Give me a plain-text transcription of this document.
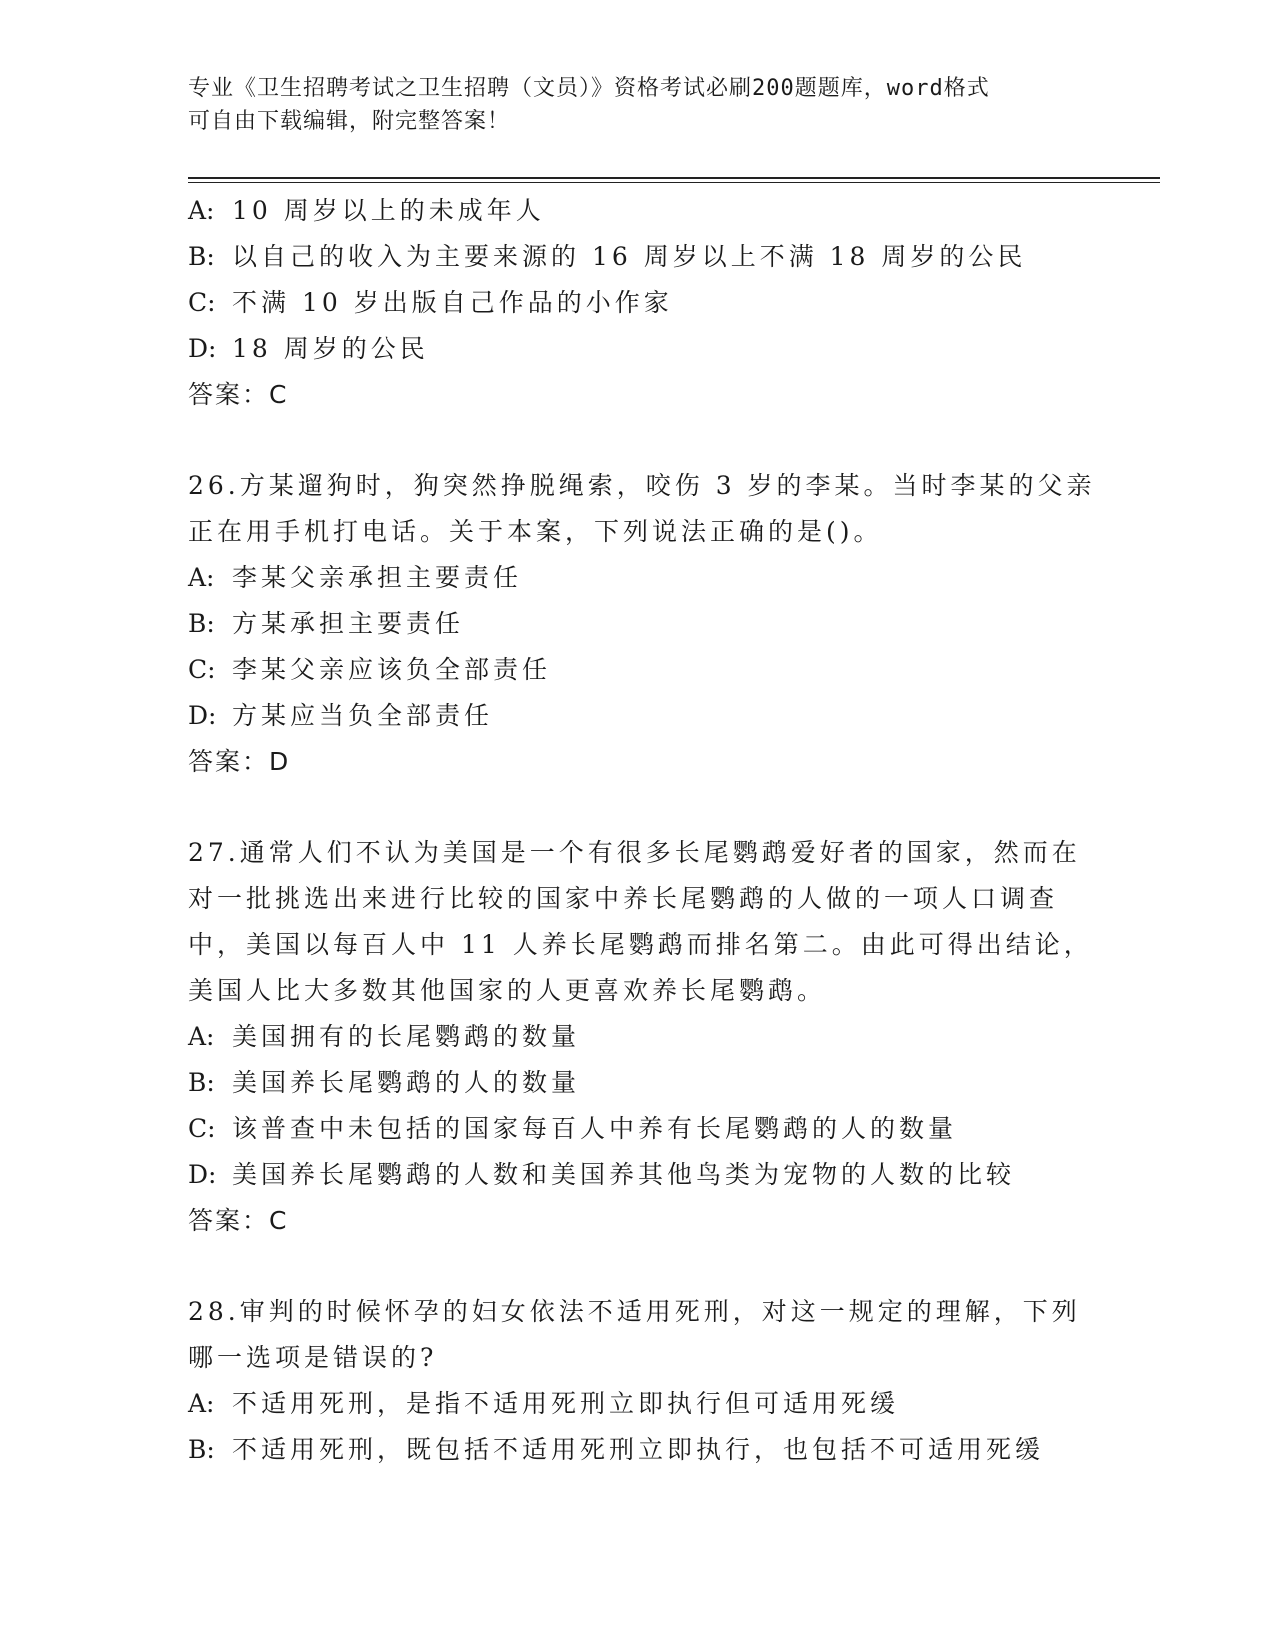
专业《卫生招聘考试之卫生招聘（文员）》资格考试必刷200题题库，word格式
可自由下载编辑，附完整答案！
A: 10 周岁以上的未成年人
B: 以自己的收入为主要来源的 16 周岁以上不满 18 周岁的公民
C: 不满 10 岁出版自己作品的小作家
D: 18 周岁的公民
答案：C
26.方某遛狗时，狗突然挣脱绳索，咬伤 3 岁的李某。当时李某的父亲
正在用手机打电话。关于本案，下列说法正确的是()。
A: 李某父亲承担主要责任
B: 方某承担主要责任
C: 李某父亲应该负全部责任
D: 方某应当负全部责任
答案：D
27.通常人们不认为美国是一个有很多长尾鹦鹉爱好者的国家，然而在
对一批挑选出来进行比较的国家中养长尾鹦鹉的人做的一项人口调查
中，美国以每百人中 11 人养长尾鹦鹉而排名第二。由此可得出结论，
美国人比大多数其他国家的人更喜欢养长尾鹦鹉。
A: 美国拥有的长尾鹦鹉的数量
B: 美国养长尾鹦鹉的人的数量
C: 该普查中未包括的国家每百人中养有长尾鹦鹉的人的数量
D: 美国养长尾鹦鹉的人数和美国养其他鸟类为宠物的人数的比较
答案：C
28.审判的时候怀孕的妇女依法不适用死刑，对这一规定的理解，下列
哪一选项是错误的?
A: 不适用死刑，是指不适用死刑立即执行但可适用死缓
B: 不适用死刑，既包括不适用死刑立即执行，也包括不可适用死缓
